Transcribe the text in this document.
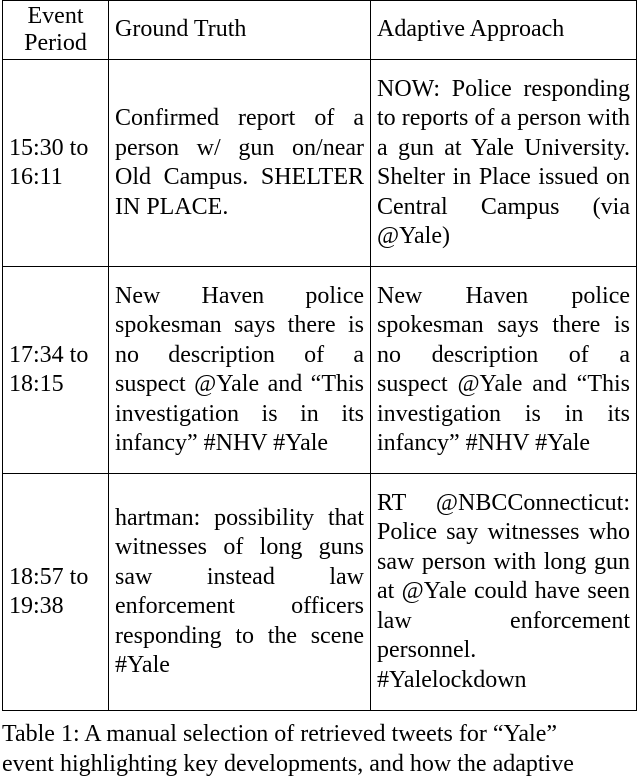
Event Period	Ground Truth	Adaptive Approach
15:30 to 16:11	Confirmed report of a person w/ gun on/near Old Campus. SHELTER IN PLACE.	NOW: Police responding to reports of a person with a gun at Yale University. Shelter in Place issued on Central Campus (via @Yale)
17:34 to 18:15	New Haven police spokesman says there is no description of a suspect @Yale and “This investigation is in its infancy” #NHV #Yale	New Haven police spokesman says there is no description of a suspect @Yale and “This investigation is in its infancy” #NHV #Yale
18:57 to 19:38	hartman: possibility that witnesses of long guns saw instead law enforcement officers responding to the scene #Yale	RT @NBCConnecticut: Police say witnesses who saw person with long gun at @Yale could have seen law enforcement personnel. #Yalelockdown
Table 1: A manual selection of retrieved tweets for “Yale”
event highlighting key developments, and how the adaptive
